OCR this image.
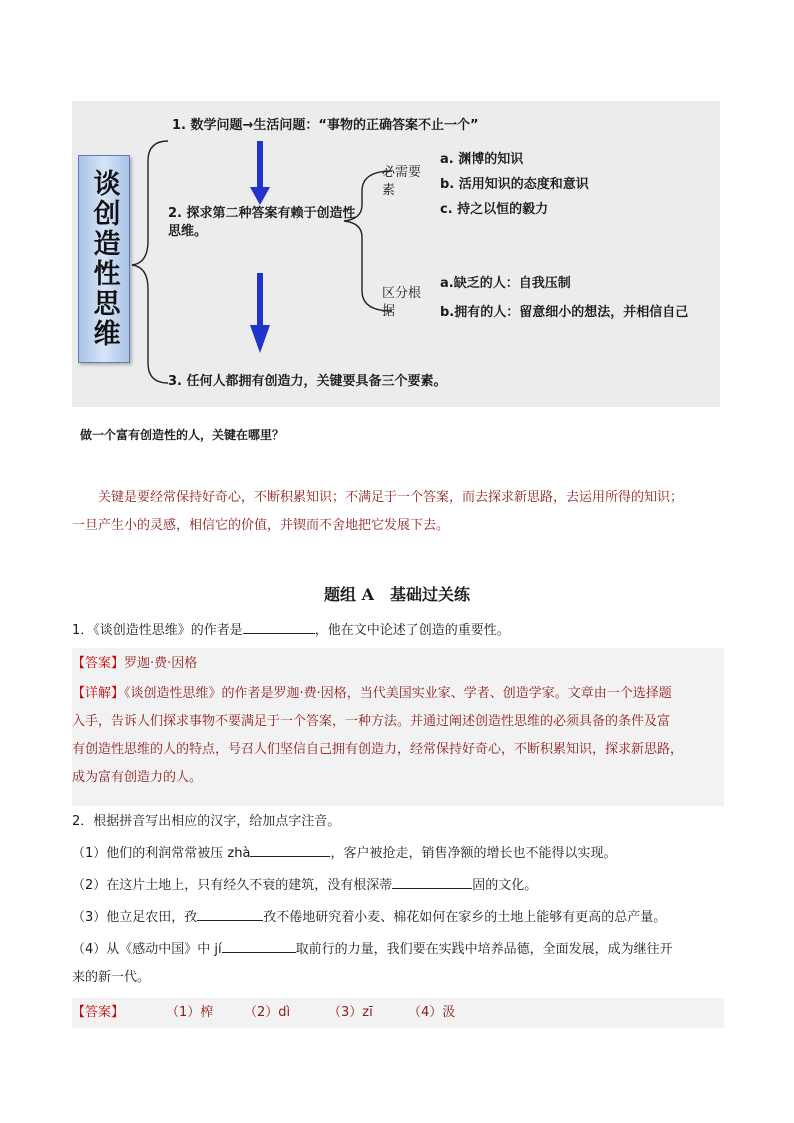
谈创造性思维
1. 数学问题→生活问题：“事物的正确答案不止一个”
2. 探求第二种答案有赖于创造性思维。
3. 任何人都拥有创造力，关键要具备三个要素。
必需要素
a. 渊博的知识
b. 活用知识的态度和意识
c. 持之以恒的毅力
区分根据
a.缺乏的人：自我压制
b.拥有的人：留意细小的想法，并相信自己
做一个富有创造性的人，关键在哪里？
关键是要经常保持好奇心，不断积累知识；不满足于一个答案，而去探求新思路，去运用所得的知识；
一旦产生小的灵感，相信它的价值，并锲而不舍地把它发展下去。
题组 A　基础过关练
1．《谈创造性思维》的作者是	，他在文中论述了创造的重要性。
【答案】罗迦·费·因格
【详解】《谈创造性思维》的作者是罗迦·费·因格，当代美国实业家、学者、创造学家。文章由一个选择题
入手，告诉人们探求事物不要满足于一个答案，一种方法。并通过阐述创造性思维的必须具备的条件及富
有创造性思维的人的特点，号召人们坚信自己拥有创造力，经常保持好奇心，不断积累知识，探求新思路，
成为富有创造力的人。
2．根据拼音写出相应的汉字，给加点字注音。
（1）他们的利润常常被压 zhà	，客户被抢走，销售净额的增长也不能得以实现。
（2）在这片土地上，只有经久不衰的建筑，没有根深蒂	固的文化。
（3）他立足农田，孜	孜不倦地研究着小麦、棉花如何在家乡的土地上能够有更高的总产量。
（4）从《感动中国》中 jí	取前行的力量，我们要在实践中培养品德，全面发展，成为继往开
来的新一代。
【答案】	（1）榨 （2）dì	（3）zī	（4）汲
